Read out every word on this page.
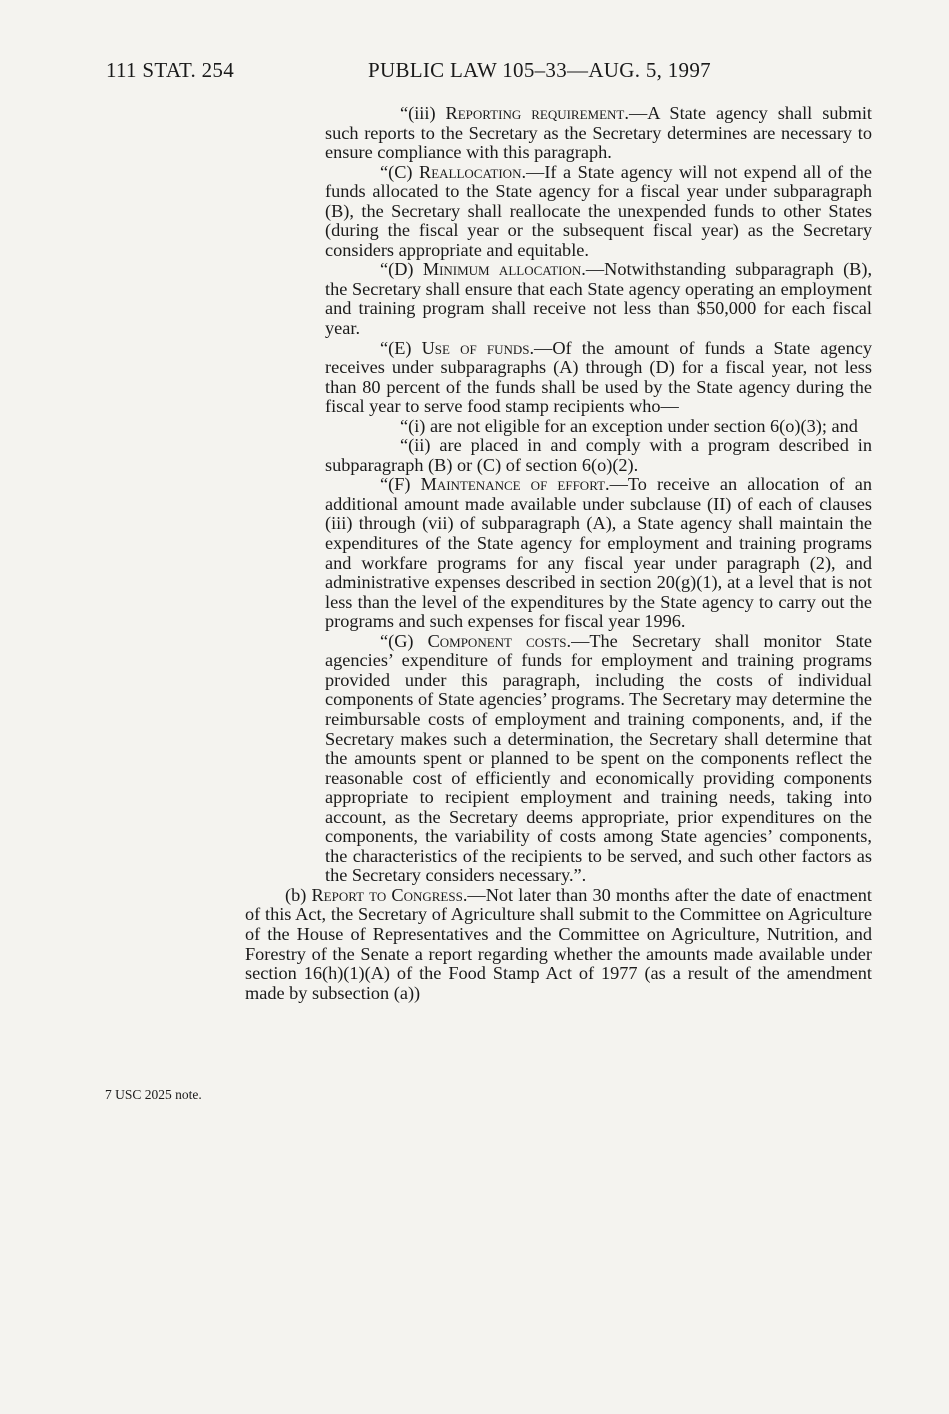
111 STAT. 254	PUBLIC LAW 105–33—AUG. 5, 1997

“(iii) Reporting requirement.—A State agency shall submit such reports to the Secretary as the Secretary determines are necessary to ensure compliance with this paragraph.

“(C) Reallocation.—If a State agency will not expend all of the funds allocated to the State agency for a fiscal year under subparagraph (B), the Secretary shall reallocate the unexpended funds to other States (during the fiscal year or the subsequent fiscal year) as the Secretary considers appropriate and equitable.

“(D) Minimum allocation.—Notwithstanding subparagraph (B), the Secretary shall ensure that each State agency operating an employment and training program shall receive not less than $50,000 for each fiscal year.

“(E) Use of funds.—Of the amount of funds a State agency receives under subparagraphs (A) through (D) for a fiscal year, not less than 80 percent of the funds shall be used by the State agency during the fiscal year to serve food stamp recipients who—

“(i) are not eligible for an exception under section 6(o)(3); and

“(ii) are placed in and comply with a program described in subparagraph (B) or (C) of section 6(o)(2).

“(F) Maintenance of effort.—To receive an allocation of an additional amount made available under subclause (II) of each of clauses (iii) through (vii) of subparagraph (A), a State agency shall maintain the expenditures of the State agency for employment and training programs and workfare programs for any fiscal year under paragraph (2), and administrative expenses described in section 20(g)(1), at a level that is not less than the level of the expenditures by the State agency to carry out the programs and such expenses for fiscal year 1996.

“(G) Component costs.—The Secretary shall monitor State agencies’ expenditure of funds for employment and training programs provided under this paragraph, including the costs of individual components of State agencies’ programs. The Secretary may determine the reimbursable costs of employment and training components, and, if the Secretary makes such a determination, the Secretary shall determine that the amounts spent or planned to be spent on the components reflect the reasonable cost of efficiently and economically providing components appropriate to recipient employment and training needs, taking into account, as the Secretary deems appropriate, prior expenditures on the components, the variability of costs among State agencies’ components, the characteristics of the recipients to be served, and such other factors as the Secretary considers necessary.”.

(b) Report to Congress.—Not later than 30 months after the date of enactment of this Act, the Secretary of Agriculture shall submit to the Committee on Agriculture of the House of Representatives and the Committee on Agriculture, Nutrition, and Forestry of the Senate a report regarding whether the amounts made available under section 16(h)(1)(A) of the Food Stamp Act of 1977 (as a result of the amendment made by subsection (a))

7 USC 2025 note.
